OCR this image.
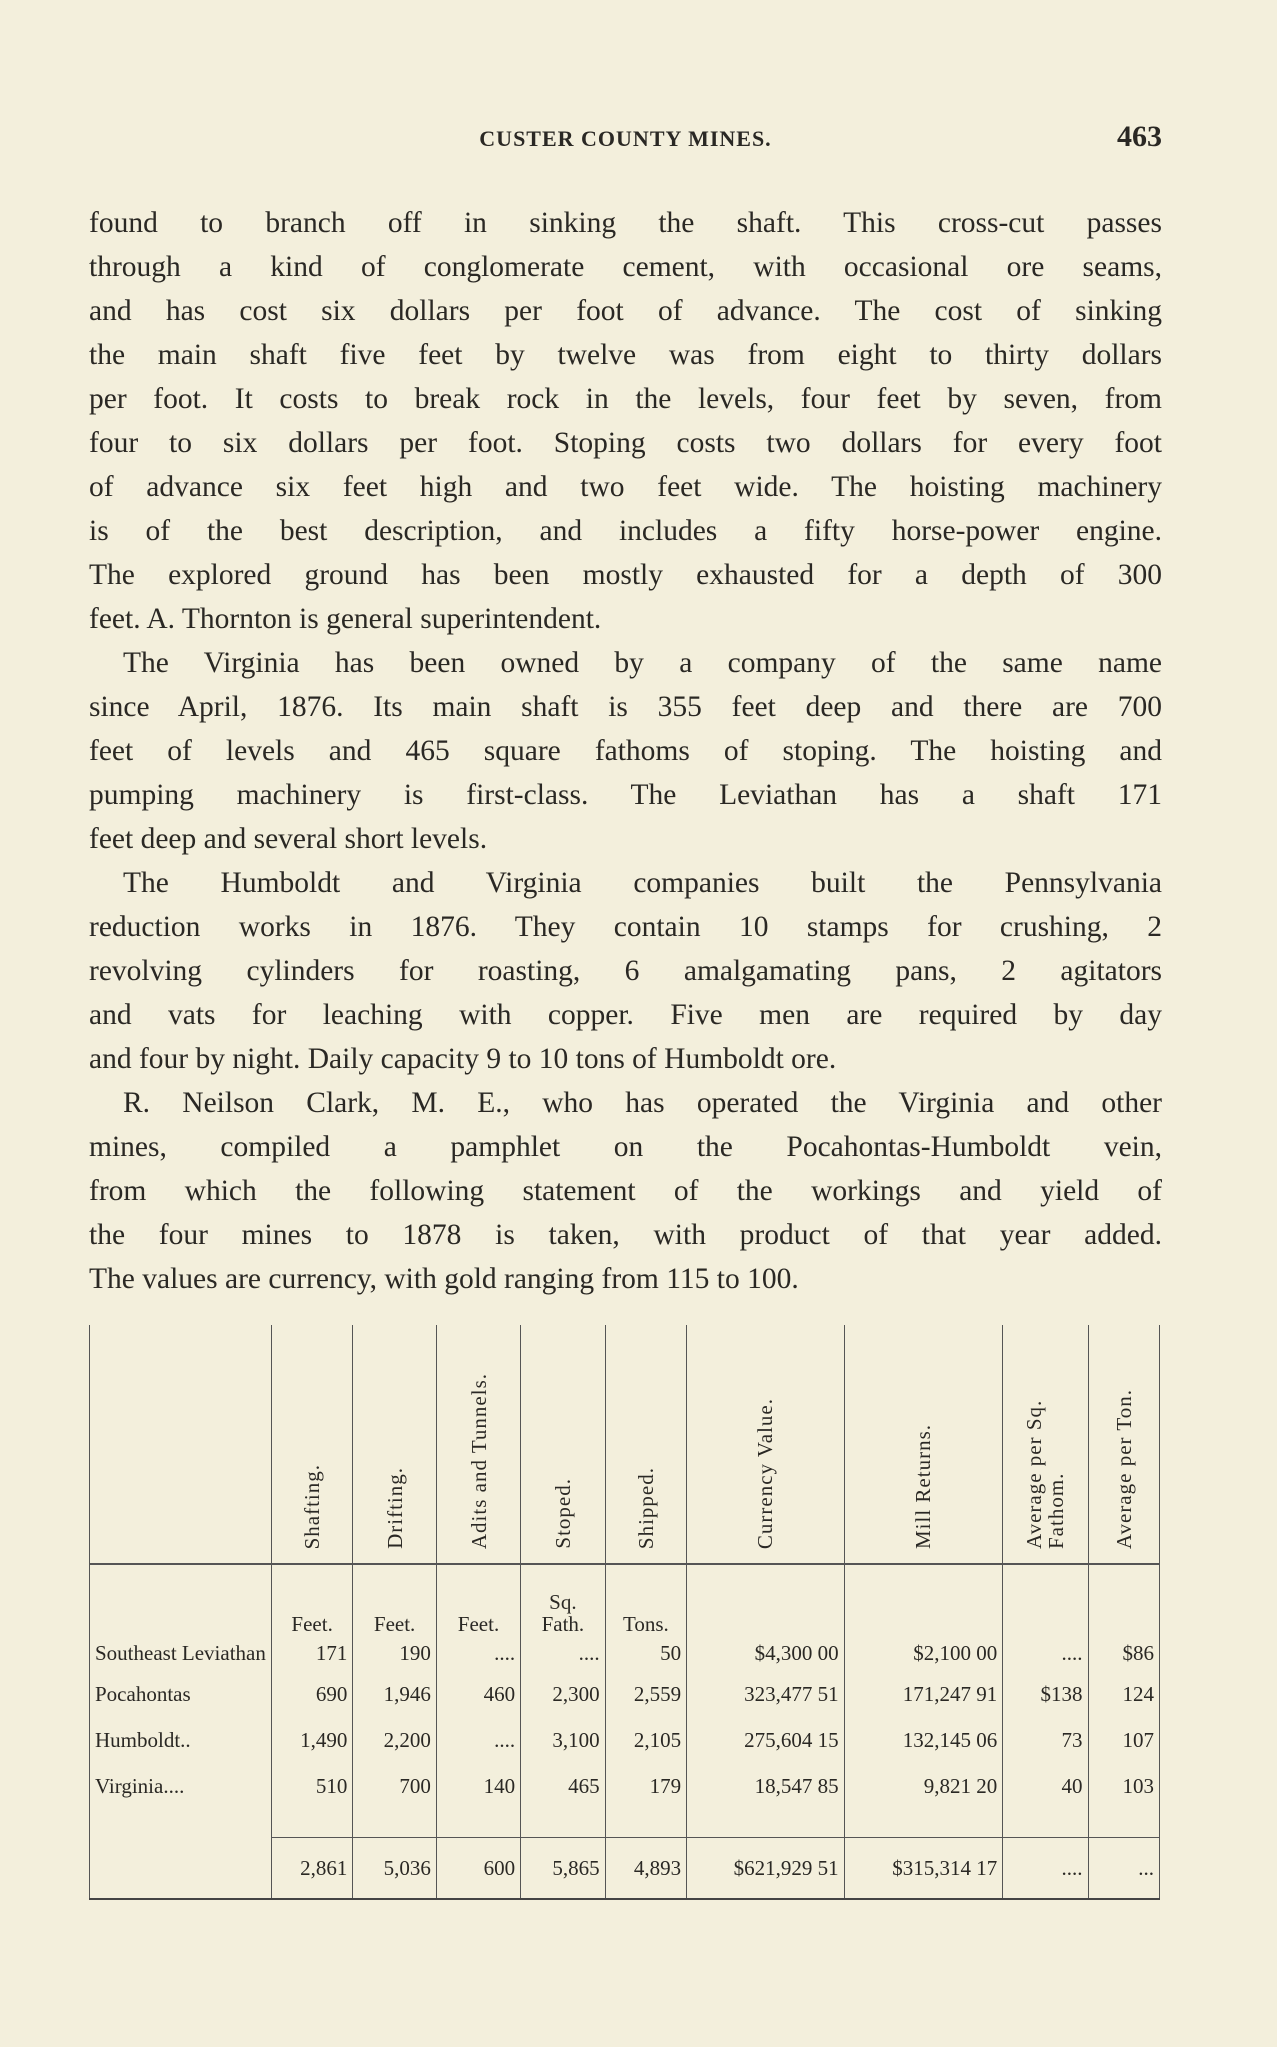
CUSTER COUNTY MINES.	463
found to branch off in sinking the shaft. This cross-cut passes
through a kind of conglomerate cement, with occasional ore seams,
and has cost six dollars per foot of advance. The cost of sinking
the main shaft five feet by twelve was from eight to thirty dollars
per foot. It costs to break rock in the levels, four feet by seven, from
four to six dollars per foot. Stoping costs two dollars for every foot
of advance six feet high and two feet wide. The hoisting machinery
is of the best description, and includes a fifty horse-power engine.
The explored ground has been mostly exhausted for a depth of 300
feet. A. Thornton is general superintendent.
The Virginia has been owned by a company of the same name
since April, 1876. Its main shaft is 355 feet deep and there are 700
feet of levels and 465 square fathoms of stoping. The hoisting and
pumping machinery is first-class. The Leviathan has a shaft 171
feet deep and several short levels.
The Humboldt and Virginia companies built the Pennsylvania
reduction works in 1876. They contain 10 stamps for crushing, 2
revolving cylinders for roasting, 6 amalgamating pans, 2 agitators
and vats for leaching with copper. Five men are required by day
and four by night. Daily capacity 9 to 10 tons of Humboldt ore.
R. Neilson Clark, M. E., who has operated the Virginia and other
mines, compiled a pamphlet on the Pocahontas-Humboldt vein,
from which the following statement of the workings and yield of
the four mines to 1878 is taken, with product of that year added.
The values are currency, with gold ranging from 115 to 100.
	Shafting.	Drifting.	Adits and Tunnels.	Stoped.	Shipped.	Currency Value.	Mill Returns.	Average per Sq. Fathom.	Average per Ton.
	Feet.	Feet.	Feet.	Sq. Fath.	Tons.				
Southeast Leviathan	171	190	....	....	50	$4,300 00	$2,100 00	....	$86
Pocahontas	690	1,946	460	2,300	2,559	323,477 51	171,247 91	$138	124
Humboldt..	1,490	2,200	....	3,100	2,105	275,604 15	132,145 06	73	107
Virginia....	510	700	140	465	179	18,547 85	9,821 20	40	103

	2,861	5,036	600	5,865	4,893	$621,929 51	$315,314 17	....	...
